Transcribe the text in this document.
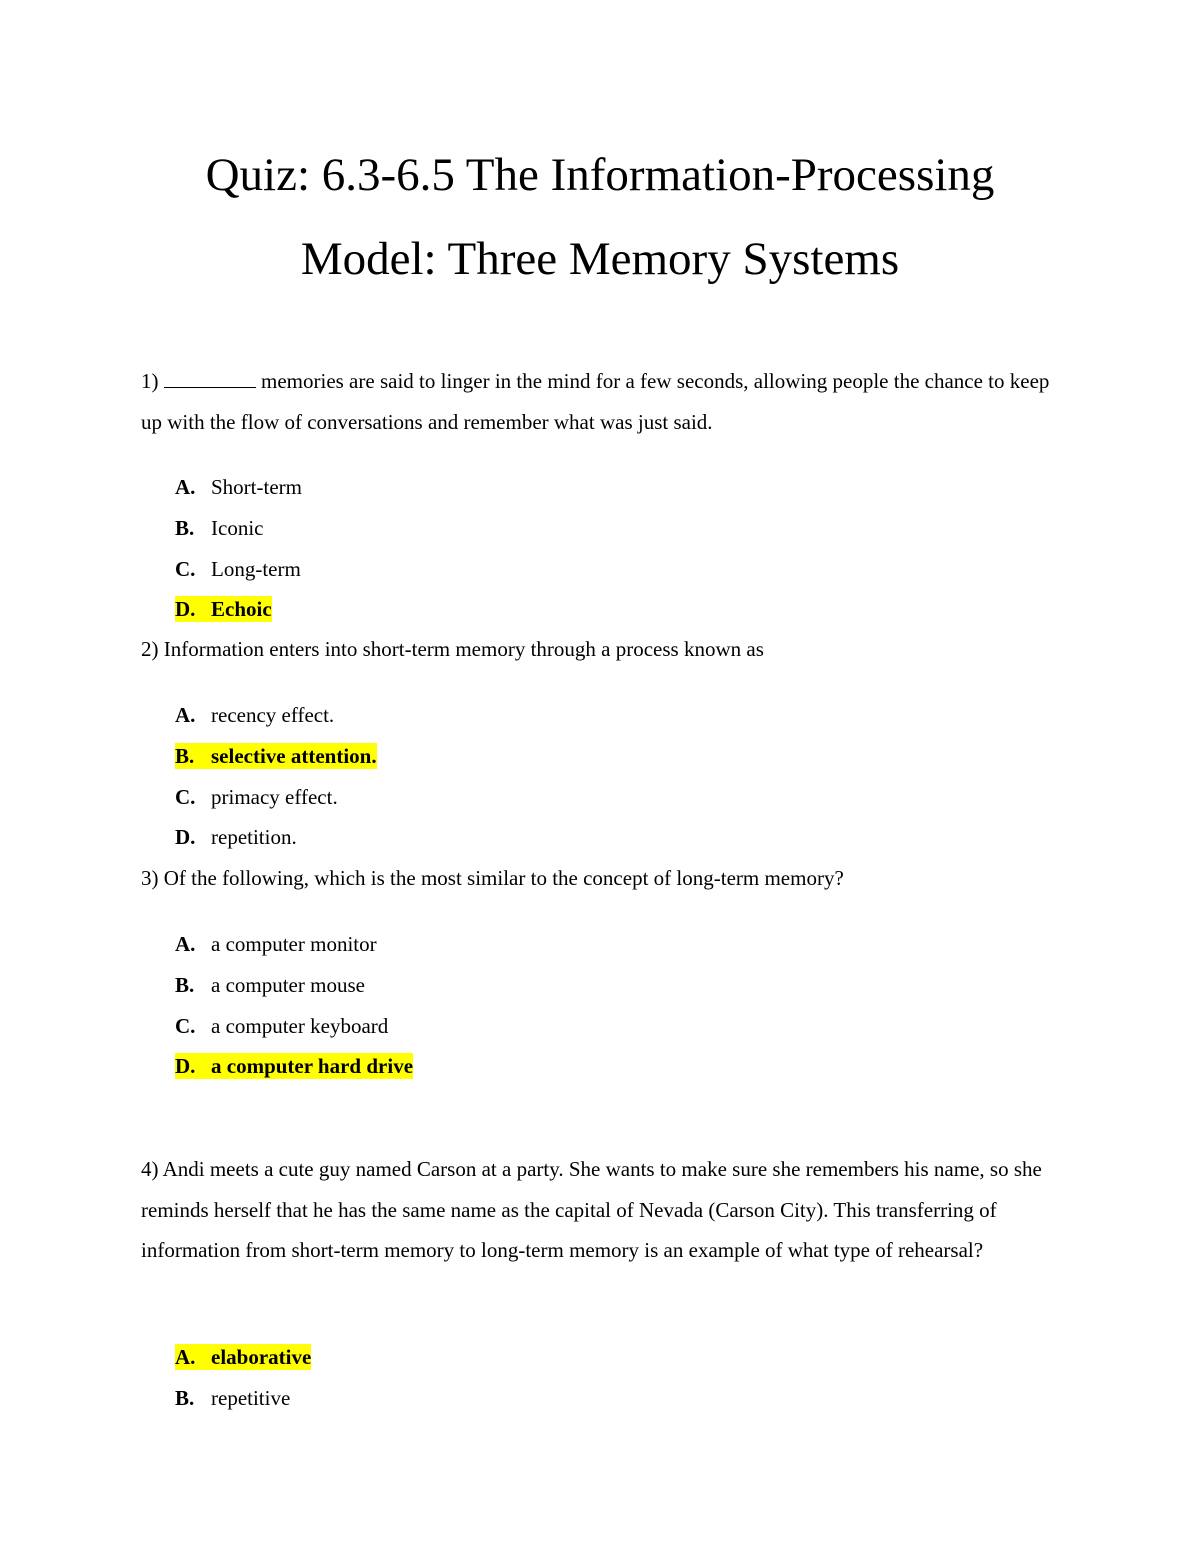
Quiz: 6.3-6.5 The Information-Processing
Model: Three Memory Systems

1)	memories are said to linger in the mind for a few seconds, allowing people the chance to keep up with the flow of conversations and remember what was just said.

A. Short-term
B. Iconic
C. Long-term
D. Echoic

2) Information enters into short-term memory through a process known as

A. recency effect.
B. selective attention.
C. primacy effect.
D. repetition.

3) Of the following, which is the most similar to the concept of long-term memory?

A. a computer monitor
B. a computer mouse
C. a computer keyboard
D. a computer hard drive

4) Andi meets a cute guy named Carson at a party. She wants to make sure she remembers his name, so she reminds herself that he has the same name as the capital of Nevada (Carson City). This transferring of information from short-term memory to long-term memory is an example of what type of rehearsal?

A. elaborative
B. repetitive
